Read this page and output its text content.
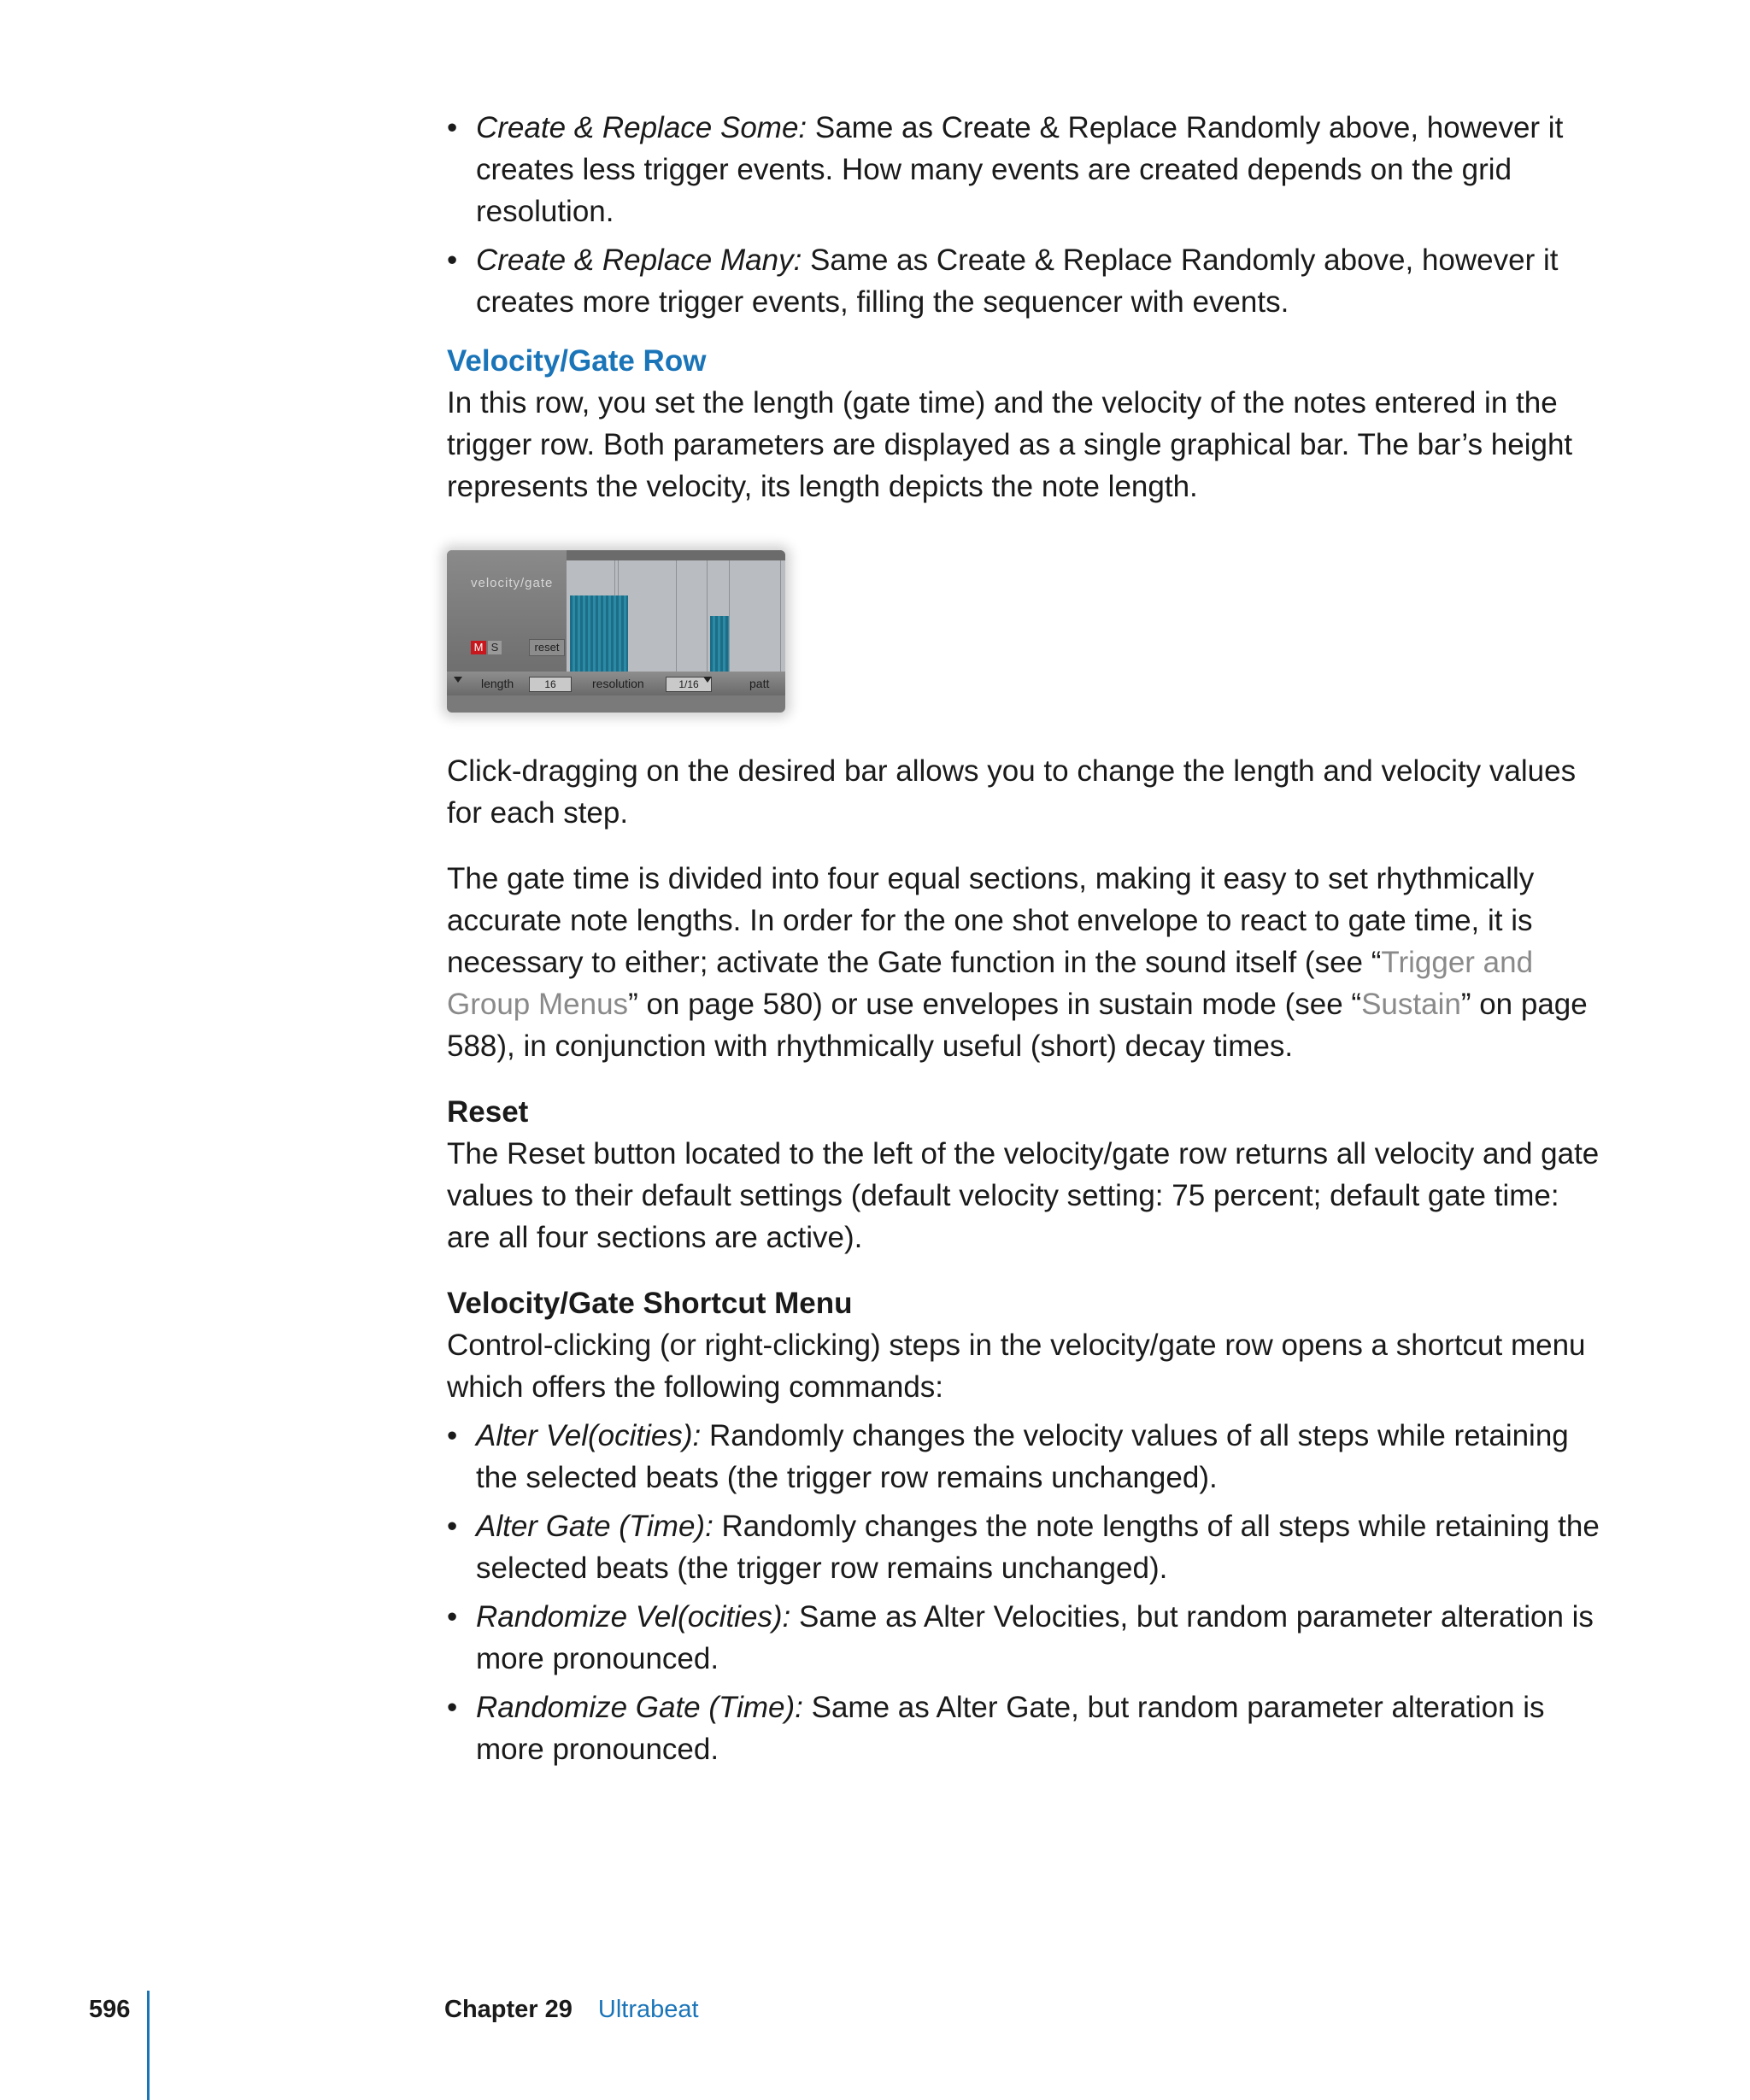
• Create & Replace Some: Same as Create & Replace Randomly above, however it creates less trigger events. How many events are created depends on the grid resolution.
• Create & Replace Many: Same as Create & Replace Randomly above, however it creates more trigger events, filling the sequencer with events.

Velocity/Gate Row

In this row, you set the length (gate time) and the velocity of the notes entered in the trigger row. Both parameters are displayed as a single graphical bar. The bar’s height represents the velocity, its length depicts the note length.

velocity/gate
M S	reset
length	16	resolution	1/16	patt

Click-dragging on the desired bar allows you to change the length and velocity values for each step.

The gate time is divided into four equal sections, making it easy to set rhythmically accurate note lengths. In order for the one shot envelope to react to gate time, it is necessary to either; activate the Gate function in the sound itself (see “Trigger and Group Menus” on page 580) or use envelopes in sustain mode (see “Sustain” on page 588), in conjunction with rhythmically useful (short) decay times.

Reset

The Reset button located to the left of the velocity/gate row returns all velocity and gate values to their default settings (default velocity setting: 75 percent; default gate time: are all four sections are active).

Velocity/Gate Shortcut Menu

Control-clicking (or right-clicking) steps in the velocity/gate row opens a shortcut menu which offers the following commands:

• Alter Vel(ocities): Randomly changes the velocity values of all steps while retaining the selected beats (the trigger row remains unchanged).
• Alter Gate (Time): Randomly changes the note lengths of all steps while retaining the selected beats (the trigger row remains unchanged).
• Randomize Vel(ocities): Same as Alter Velocities, but random parameter alteration is more pronounced.
• Randomize Gate (Time): Same as Alter Gate, but random parameter alteration is more pronounced.
596	Chapter 29 Ultrabeat
